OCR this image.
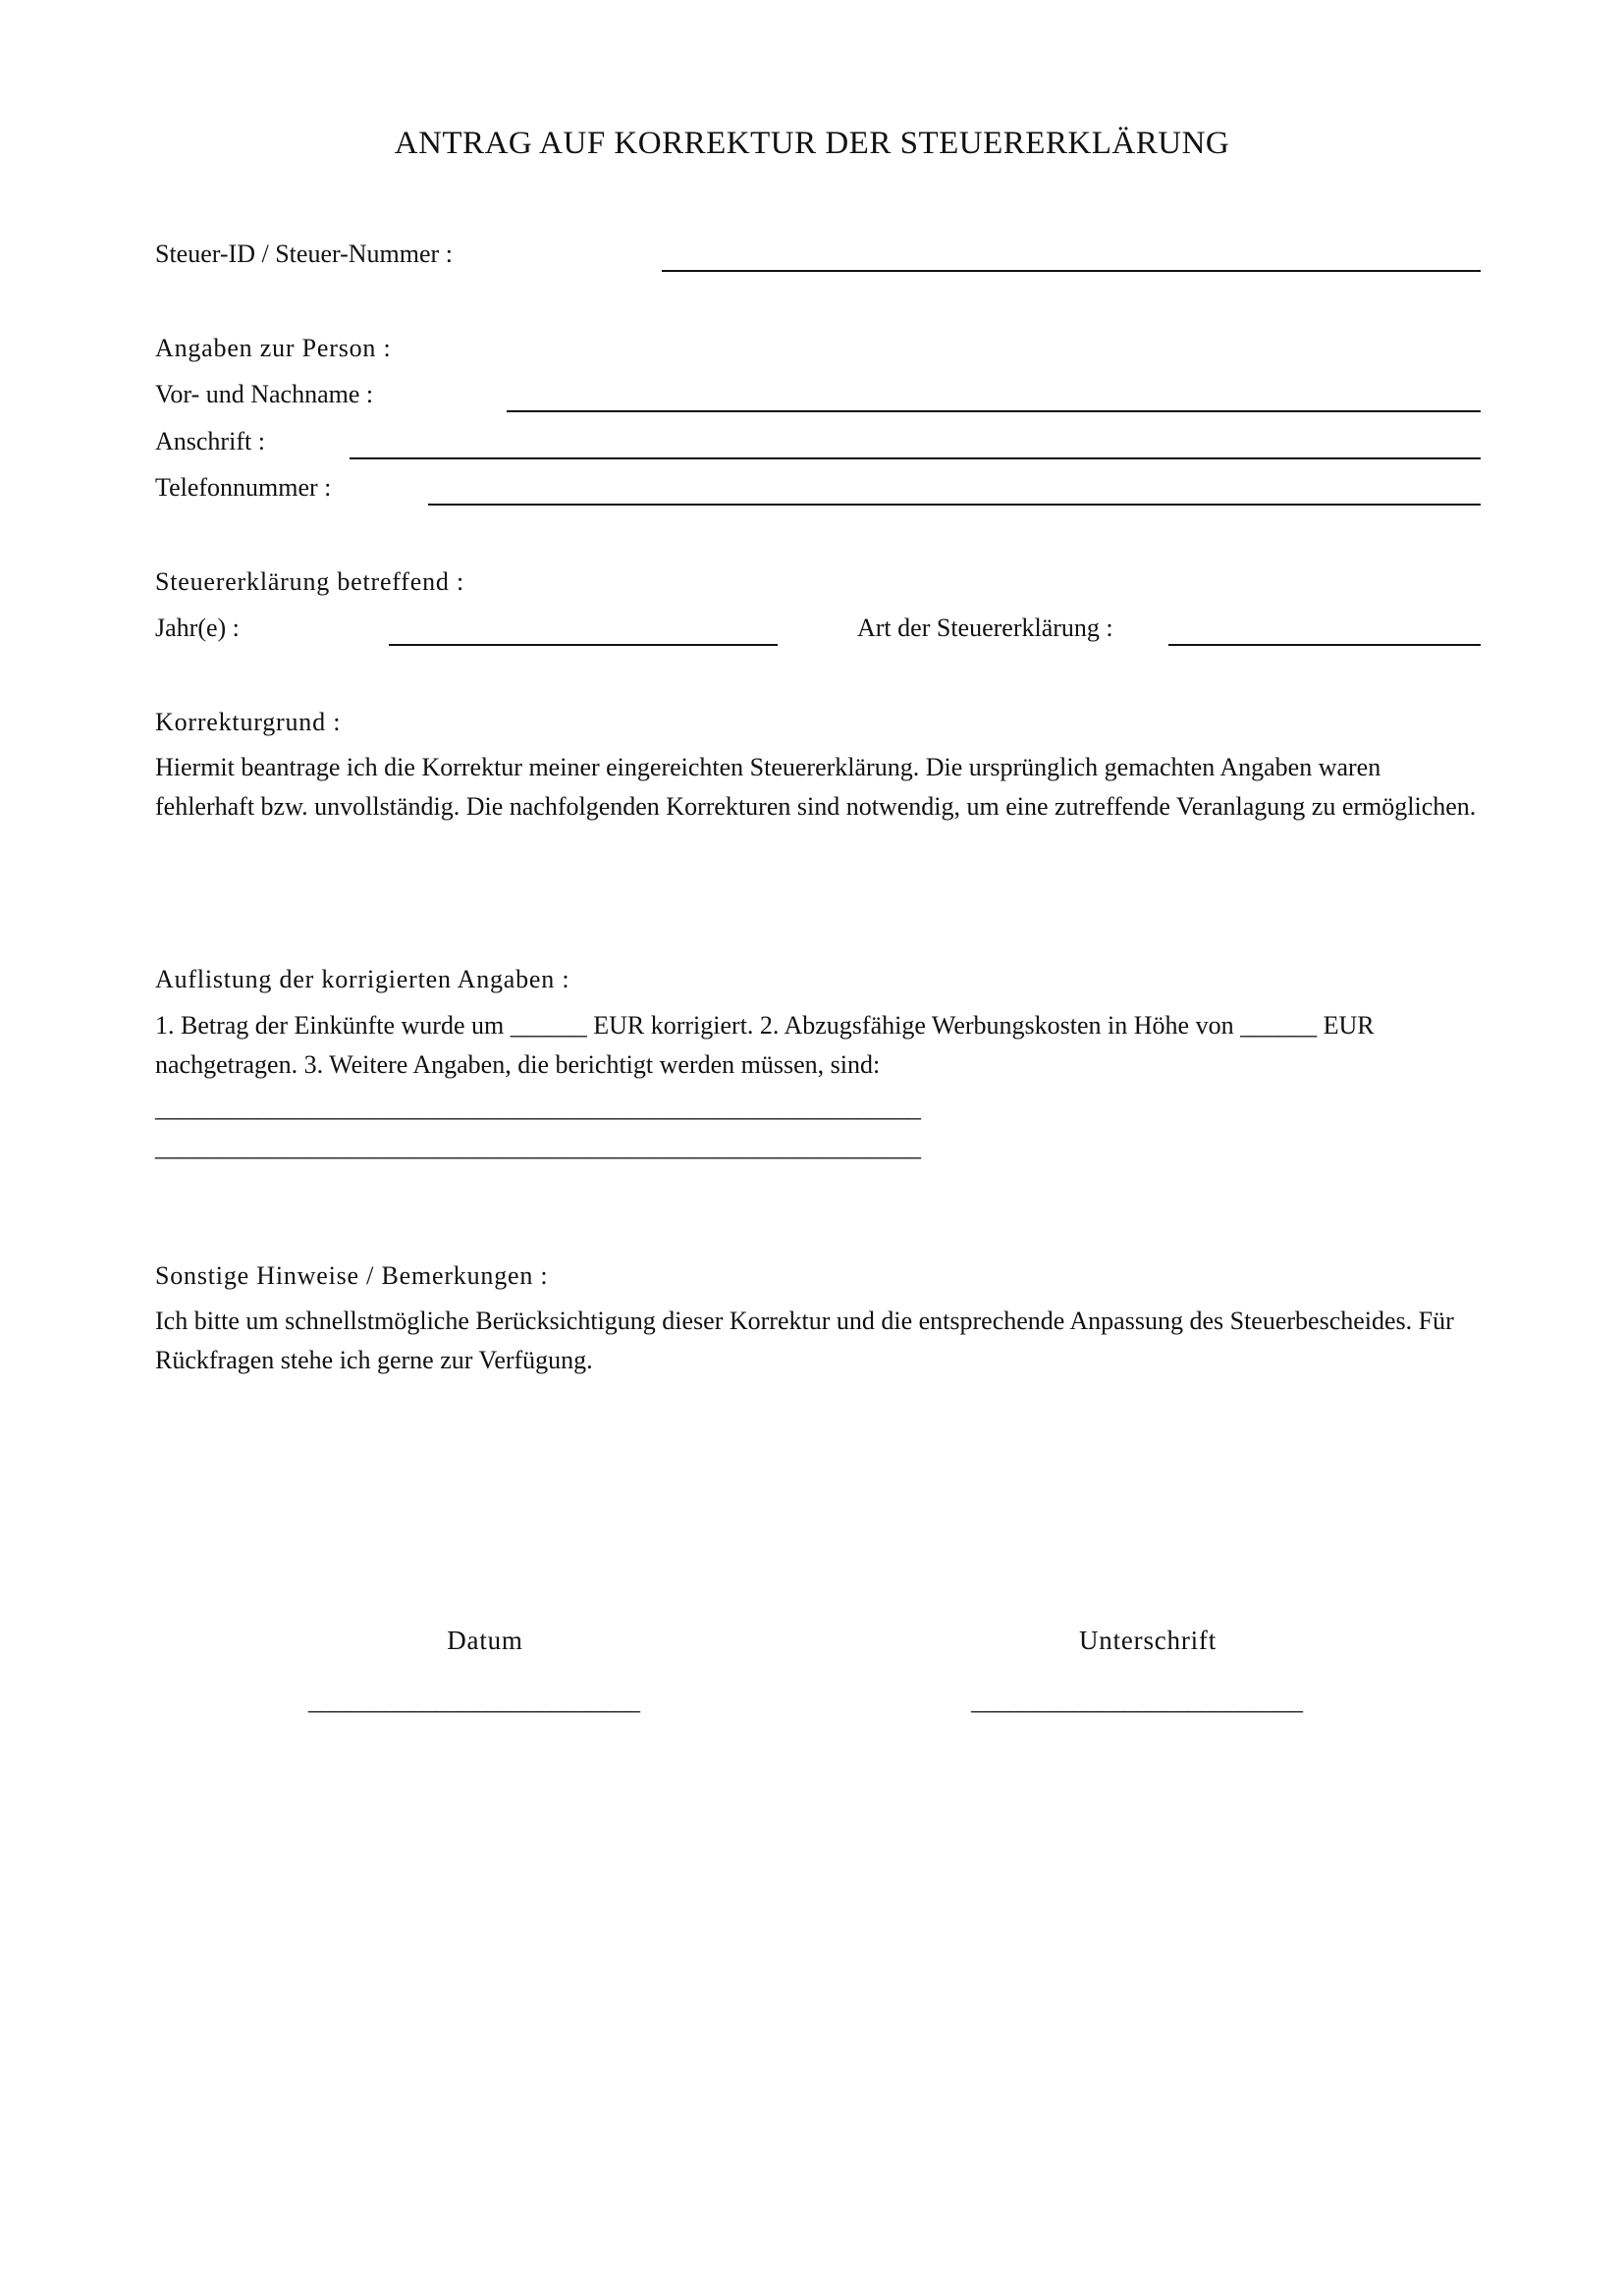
ANTRAG AUF KORREKTUR DER STEUERERKLÄRUNG
Steuer-ID / Steuer-Nummer :
Angaben zur Person :
Vor- und Nachname :
Anschrift :
Telefonnummer :
Steuererklärung betreffend :
Jahr(e) :	Art der Steuererklärung :
Korrekturgrund :
Hiermit beantrage ich die Korrektur meiner eingereichten Steuererklärung. Die ursprünglich gemachten Angaben waren fehlerhaft bzw. unvollständig. Die nachfolgenden Korrekturen sind notwendig, um eine zutreffende Veranlagung zu ermöglichen.
Auflistung der korrigierten Angaben :
1. Betrag der Einkünfte wurde um ______ EUR korrigiert. 2. Abzugsfähige Werbungskosten in Höhe von ______ EUR nachgetragen. 3. Weitere Angaben, die berichtigt werden müssen, sind:
____________________________________________________________
____________________________________________________________
Sonstige Hinweise / Bemerkungen :
Ich bitte um schnellstmögliche Berücksichtigung dieser Korrektur und die entsprechende Anpassung des Steuerbescheides. Für Rückfragen stehe ich gerne zur Verfügung.
Datum	Unterschrift
__________________________	__________________________
